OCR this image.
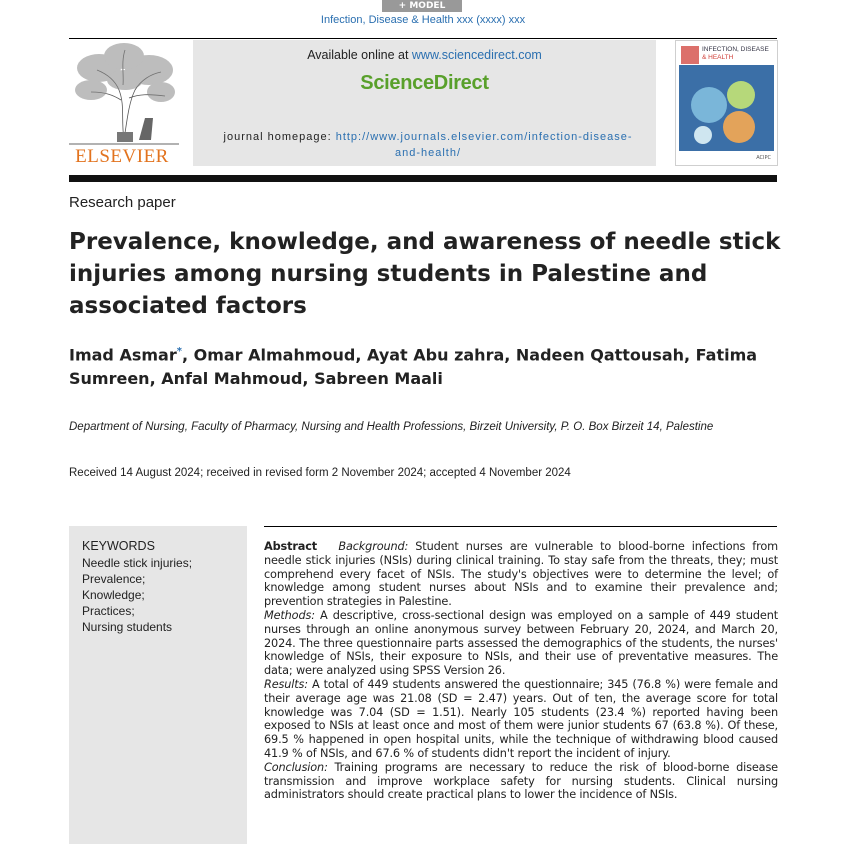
+ MODEL
Infection, Disease & Health xxx (xxxx) xxx
ELSEVIER
Available online at www.sciencedirect.com
ScienceDirect
journal homepage: http://www.journals.elsevier.com/infection-disease-and-health/
INFECTION, DISEASE
& HEALTH
ACIPC
Research paper
Prevalence, knowledge, and awareness of needle stick injuries among nursing students in Palestine and associated factors
Imad Asmar*, Omar Almahmoud, Ayat Abu zahra, Nadeen Qattousah, Fatima Sumreen, Anfal Mahmoud, Sabreen Maali
Department of Nursing, Faculty of Pharmacy, Nursing and Health Professions, Birzeit University, P. O. Box Birzeit 14, Palestine
Received 14 August 2024; received in revised form 2 November 2024; accepted 4 November 2024
KEYWORDS
Needle stick injuries;
Prevalence;
Knowledge;
Practices;
Nursing students

Abstract Background: Student nurses are vulnerable to blood-borne infections from needle stick injuries (NSIs) during clinical training. To stay safe from the threats, they; must comprehend every facet of NSIs. The study's objectives were to determine the level; of knowledge among student nurses about NSIs and to examine their prevalence and; prevention strategies in Palestine.

Methods: A descriptive, cross-sectional design was employed on a sample of 449 student nurses through an online anonymous survey between February 20, 2024, and March 20, 2024. The three questionnaire parts assessed the demographics of the students, the nurses' knowledge of NSIs, their exposure to NSIs, and their use of preventative measures. The data; were analyzed using SPSS Version 26.

Results: A total of 449 students answered the questionnaire; 345 (76.8 %) were female and their average age was 21.08 (SD = 2.47) years. Out of ten, the average score for total knowledge was 7.04 (SD = 1.51). Nearly 105 students (23.4 %) reported having been exposed to NSIs at least once and most of them were junior students 67 (63.8 %). Of these, 69.5 % happened in open hospital units, while the technique of withdrawing blood caused 41.9 % of NSIs, and 67.6 % of students didn't report the incident of injury.

Conclusion: Training programs are necessary to reduce the risk of blood-borne disease transmission and improve workplace safety for nursing students. Clinical nursing administrators should create practical plans to lower the incidence of NSIs.
